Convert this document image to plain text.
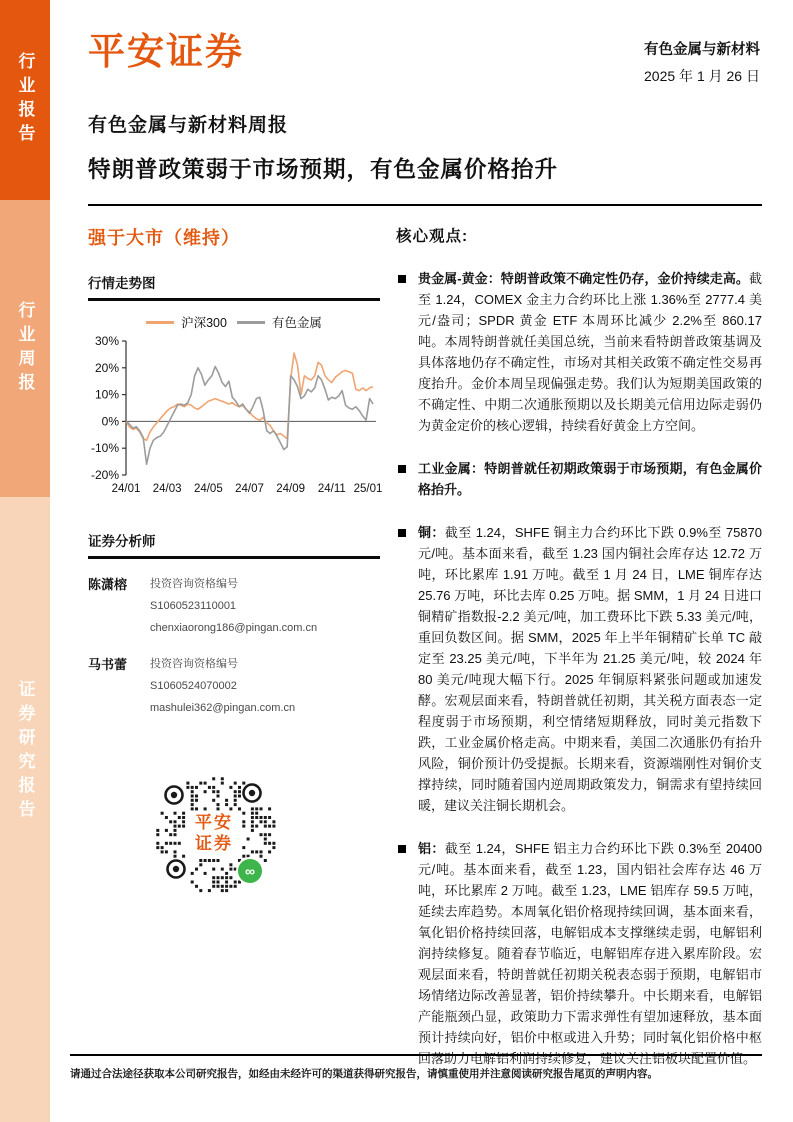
行业报告
行业周报
证券研究报告
平安证券	有色金属与新材料
2025 年 1 月 26 日
有色金属与新材料周报
特朗普政策弱于市场预期，有色金属价格抬升
强于大市（维持）
行情走势图
沪深300	有色金属
30%
20%
10%
0%
-10%
-20%
24/01 24/03 24/05 24/07 24/09 24/11 25/01
证券分析师
陈潇榕	投资咨询资格编号
S1060523110001
chenxiaorong186@pingan.com.cn
马书蕾	投资咨询资格编号
S1060524070002
mashulei362@pingan.com.cn
平安
证券
∞
核心观点:
贵金属-黄金：特朗普政策不确定性仍存，金价持续走高。截至 1.24，COMEX 金主力合约环比上涨 1.36%至 2777.4 美元/盎司；SPDR 黄金 ETF 本周环比减少 2.2%至 860.17 吨。本周特朗普就任美国总统，当前来看特朗普政策基调及具体落地仍存不确定性，市场对其相关政策不确定性交易再度抬升。金价本周呈现偏强走势。我们认为短期美国政策的不确定性、中期二次通胀预期以及长期美元信用边际走弱仍为黄金定价的核心逻辑，持续看好黄金上方空间。
工业金属：特朗普就任初期政策弱于市场预期，有色金属价格抬升。
铜：截至 1.24，SHFE 铜主力合约环比下跌 0.9%至 75870 元/吨。基本面来看，截至 1.23 国内铜社会库存达 12.72 万吨，环比累库 1.91 万吨。截至 1 月 24 日，LME 铜库存达 25.76 万吨，环比去库 0.25 万吨。据 SMM，1 月 24 日进口铜精矿指数报-2.2 美元/吨，加工费环比下跌 5.33 美元/吨，重回负数区间。据 SMM，2025 年上半年铜精矿长单 TC 敲定至 23.25 美元/吨，下半年为 21.25 美元/吨，较 2024 年 80 美元/吨现大幅下行。2025 年铜原料紧张问题或加速发酵。宏观层面来看，特朗普就任初期，其关税方面表态一定程度弱于市场预期，利空情绪短期释放，同时美元指数下跌，工业金属价格走高。中期来看，美国二次通胀仍有抬升风险，铜价预计仍受提振。长期来看，资源端刚性对铜价支撑持续，同时随着国内逆周期政策发力，铜需求有望持续回暖，建议关注铜长期机会。
铝：截至 1.24，SHFE 铝主力合约环比下跌 0.3%至 20400 元/吨。基本面来看，截至 1.23，国内铝社会库存达 46 万吨，环比累库 2 万吨。截至 1.23，LME 铝库存 59.5 万吨，延续去库趋势。本周氧化铝价格现持续回调，基本面来看，氧化铝价格持续回落，电解铝成本支撑继续走弱，电解铝利润持续修复。随着春节临近，电解铝库存进入累库阶段。宏观层面来看，特朗普就任初期关税表态弱于预期，电解铝市场情绪边际改善显著，铝价持续攀升。中长期来看，电解铝产能瓶颈凸显，政策助力下需求弹性有望加速释放，基本面预计持续向好，铝价中枢或进入升势；同时氧化铝价格中枢回落助力电解铝利润持续修复，建议关注铝板块配置价值。
请通过合法途径获取本公司研究报告，如经由未经许可的渠道获得研究报告，请慎重使用并注意阅读研究报告尾页的声明内容。
